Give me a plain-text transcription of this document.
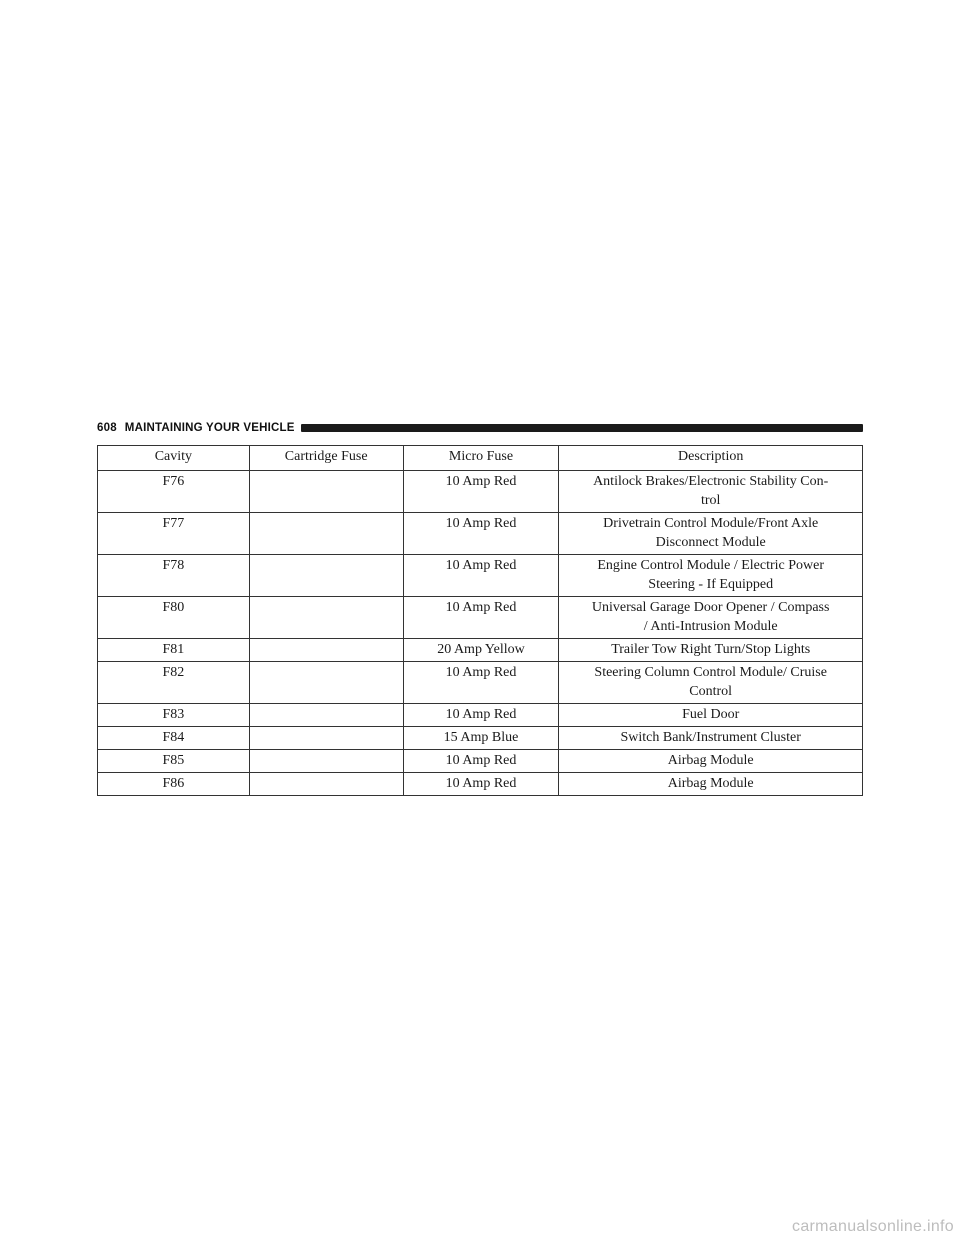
608 MAINTAINING YOUR VEHICLE
Cavity	Cartridge Fuse	Micro Fuse	Description
F76		10 Amp Red	Antilock Brakes/Electronic Stability Con-
trol
F77		10 Amp Red	Drivetrain Control Module/Front Axle
Disconnect Module
F78		10 Amp Red	Engine Control Module / Electric Power
Steering - If Equipped
F80		10 Amp Red	Universal Garage Door Opener / Compass
/ Anti-Intrusion Module
F81		20 Amp Yellow	Trailer Tow Right Turn/Stop Lights
F82		10 Amp Red	Steering Column Control Module/ Cruise
Control
F83		10 Amp Red	Fuel Door
F84		15 Amp Blue	Switch Bank/Instrument Cluster
F85		10 Amp Red	Airbag Module
F86		10 Amp Red	Airbag Module
carmanualsonline.info
